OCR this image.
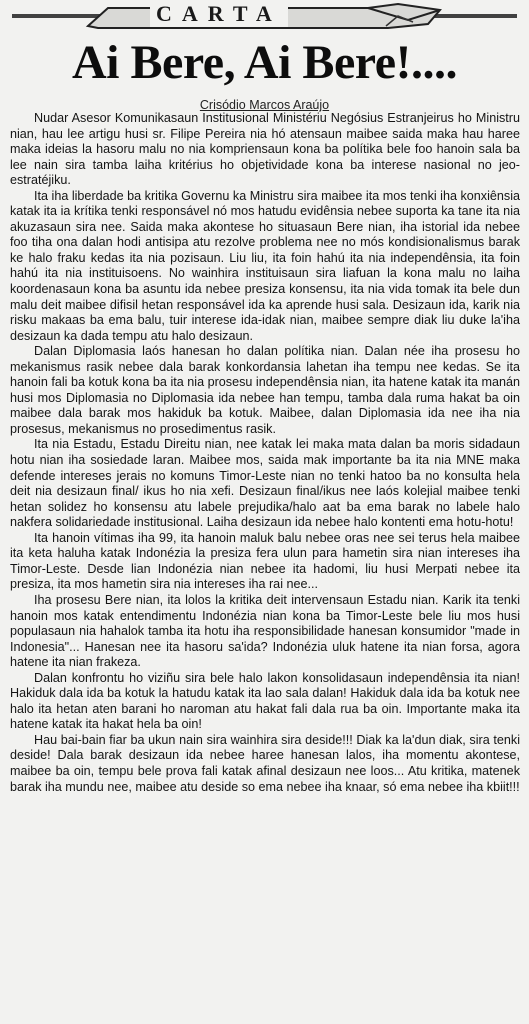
CARTA
Ai Bere, Ai Bere!....
Crisódio Marcos Araújo

Nudar Asesor Komunikasaun Institusional Ministériu Negósius Estranjeirus ho Ministru nian, hau lee artigu husi sr. Filipe Pereira nia hó atensaun maibee saida maka hau haree maka ideias la hasoru malu no nia kompriensaun kona ba polítika bele foo hanoin sala ba lee nain sira tamba laiha kritérius ho objetividade kona ba interese nasional no jeo-estratéjiku.

Ita iha liberdade ba kritika Governu ka Ministru sira maibee ita mos tenki iha konxiênsia katak ita ia krítika tenki responsável nó mos hatudu evidênsia nebee suporta ka tane ita nia akuzasaun sira nee. Saida maka akontese ho situasaun Bere nian, iha istorial ida nebee foo tiha ona dalan hodi antisipa atu rezolve problema nee no mós kondisionalismus barak ke halo fraku kedas ita nia pozisaun. Liu liu, ita foin hahú ita nia independênsia, ita foin hahú ita nia instituisoens. No wainhira instituisaun sira liafuan la kona malu no laiha koordenasaun kona ba asuntu ida nebee presiza konsensu, ita nia vida tomak ita bele dun malu deit maibee difisil hetan responsável ida ka aprende husi sala. Desizaun ida, karik nia risku makaas ba ema balu, tuir interese ida-idak nian, maibee sempre diak liu duke la'iha desizaun ka dada tempu atu halo desizaun.

Dalan Diplomasia laós hanesan ho dalan polítika nian. Dalan née iha prosesu ho mekanismus rasik nebee dala barak konkordansia lahetan iha tempu nee kedas. Se ita hanoin fali ba kotuk kona ba ita nia prosesu independênsia nian, ita hatene katak ita manán husi mos Diplomasia no Diplomasia ida nebee han tempu, tamba dala ruma hakat ba oin maibee dala barak mos hakiduk ba kotuk. Maibee, dalan Diplomasia ida nee iha nia prosesus, mekanismus no prosedimentus rasik.

Ita nia Estadu, Estadu Direitu nian, nee katak lei maka mata dalan ba moris sidadaun hotu nian iha sosiedade laran. Maibee mos, saida mak importante ba ita nia MNE maka defende intereses jerais no komuns Timor-Leste nian no tenki hatoo ba no konsulta hela deit nia desizaun final/ ikus ho nia xefi. Desizaun final/ikus nee laós kolejial maibee tenki hetan solidez ho konsensu atu labele prejudika/halo aat ba ema barak no labele halo nakfera solidariedade institusional. Laiha desizaun ida nebee halo kontenti ema hotu-hotu!

Ita hanoin vítimas iha 99, ita hanoin maluk balu nebee oras nee sei terus hela maibee ita keta haluha katak Indonézia la presiza fera ulun para hametin sira nian intereses iha Timor-Leste. Desde lian Indonézia nian nebee ita hadomi, liu husi Merpati nebee ita presiza, ita mos hametin sira nia intereses iha rai nee...

Iha prosesu Bere nian, ita lolos la kritika deit intervensaun Estadu nian. Karik ita tenki hanoin mos katak entendimentu Indonézia nian kona ba Timor-Leste bele liu mos husi populasaun nia hahalok tamba ita hotu iha responsibilidade hanesan konsumidor "made in Indonesia"... Hanesan nee ita hasoru sa'ida? Indonézia uluk hatene ita nian forsa, agora hatene ita nian frakeza.

Dalan konfrontu ho viziñu sira bele halo lakon konsolidasaun independênsia ita nian! Hakiduk dala ida ba kotuk la hatudu katak ita lao sala dalan! Hakiduk dala ida ba kotuk nee halo ita hetan aten barani ho naroman atu hakat fali dala rua ba oin. Importante maka ita hatene katak ita hakat hela ba oin!

Hau bai-bain fiar ba ukun nain sira wainhira sira deside!!! Diak ka la'dun diak, sira tenki deside! Dala barak desizaun ida nebee haree hanesan lalos, iha momentu akontese, maibee ba oin, tempu bele prova fali katak afinal desizaun nee loos... Atu kritika, matenek barak iha mundu nee, maibee atu deside so ema nebee iha knaar, só ema nebee iha kbiit!!!
